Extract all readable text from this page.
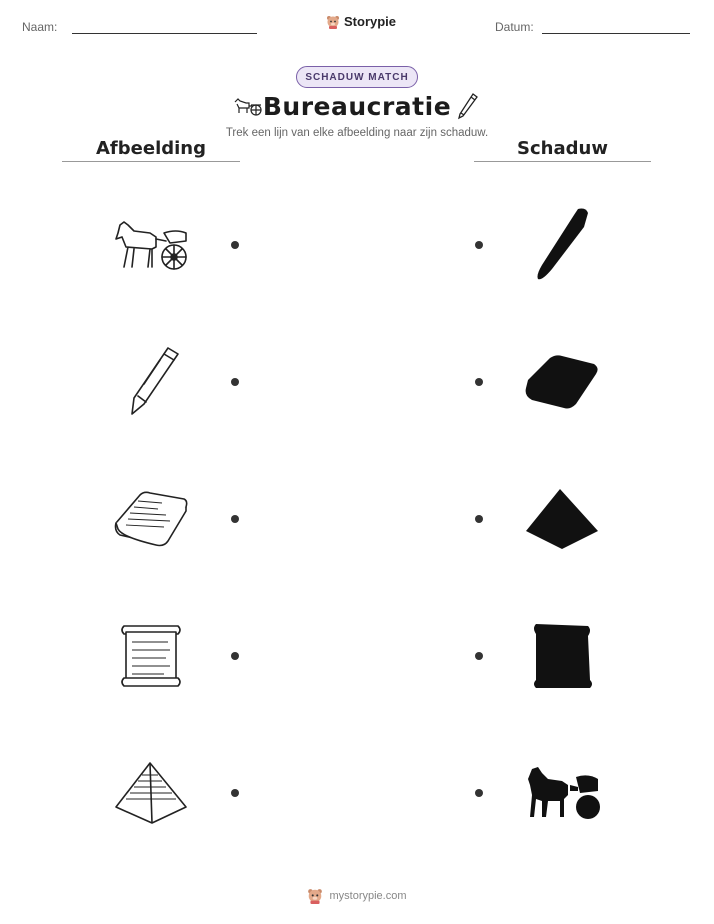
Naam:	Storypie	Datum:
SCHADUW MATCH
Bureaucratie
Trek een lijn van elke afbeelding naar zijn schaduw.
Afbeelding	Schaduw
mystorypie.com
